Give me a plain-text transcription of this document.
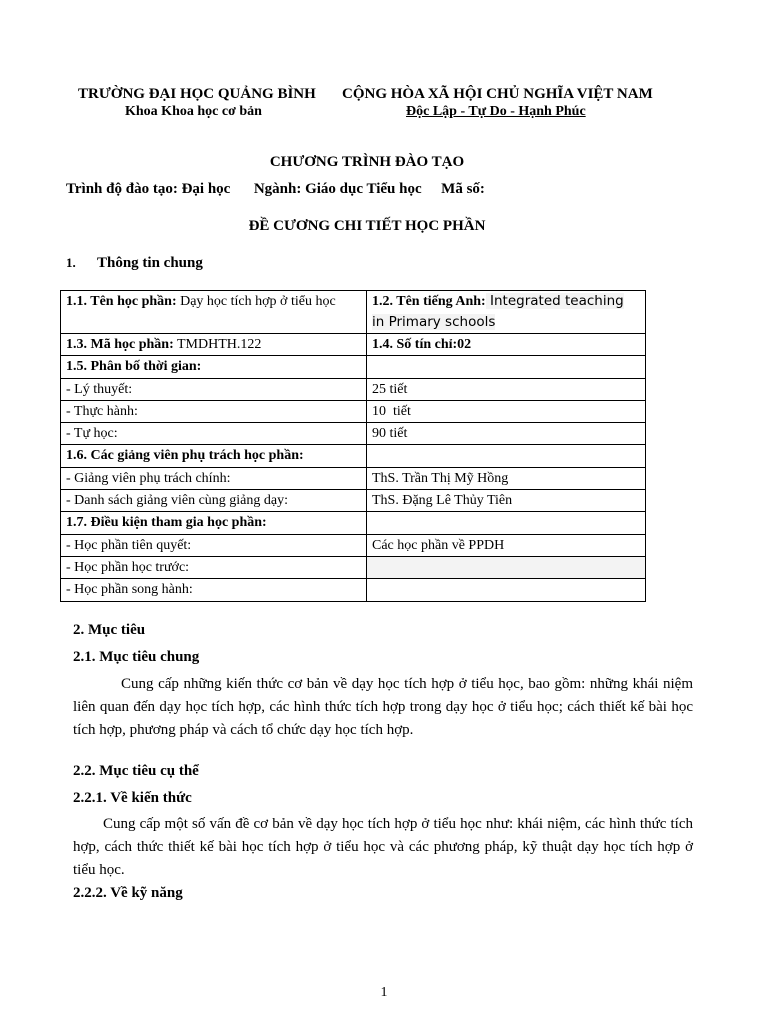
TRƯỜNG ĐẠI HỌC QUẢNG BÌNH
Khoa Khoa học cơ bản
CỘNG HÒA XÃ HỘI CHỦ NGHĨA VIỆT NAM
Độc Lập - Tự Do - Hạnh Phúc
CHƯƠNG TRÌNH ĐÀO TẠO
Trình độ đào tạo: Đại học Ngành: Giáo dục Tiểu học Mã số:
ĐỀ CƯƠNG CHI TIẾT HỌC PHẦN
1. Thông tin chung
1.1. Tên học phần: Dạy học tích hợp ở tiểu học	1.2. Tên tiếng Anh: Integrated teaching in Primary schools
1.3. Mã học phần: TMDHTH.122	1.4. Số tín chỉ:02
1.5. Phân bố thời gian:	
- Lý thuyết:	25 tiết
- Thực hành:	10  tiết
- Tự học:	90 tiết
1.6. Các giảng viên phụ trách học phần:	
- Giảng viên phụ trách chính:	ThS. Trần Thị Mỹ Hồng
- Danh sách giảng viên cùng giảng dạy:	ThS. Đặng Lê Thủy Tiên
1.7. Điều kiện tham gia học phần:	
- Học phần tiên quyết:	Các học phần về PPDH
- Học phần học trước:	
- Học phần song hành:	
2. Mục tiêu
2.1. Mục tiêu chung

Cung cấp những kiến thức cơ bản về dạy học tích hợp ở tiểu học, bao gồm: những khái niệm liên quan đến dạy học tích hợp, các hình thức tích hợp trong dạy học ở tiểu học; cách thiết kế bài học tích hợp, phương pháp và cách tổ chức dạy học tích hợp.

2.2. Mục tiêu cụ thể
2.2.1. Về kiến thức

Cung cấp một số vấn đề cơ bản về dạy học tích hợp ở tiểu học như: khái niệm, các hình thức tích hợp, cách thức thiết kế bài học tích hợp ở tiểu học và các phương pháp, kỹ thuật dạy học tích hợp ở tiểu học.

2.2.2. Về kỹ năng
1
